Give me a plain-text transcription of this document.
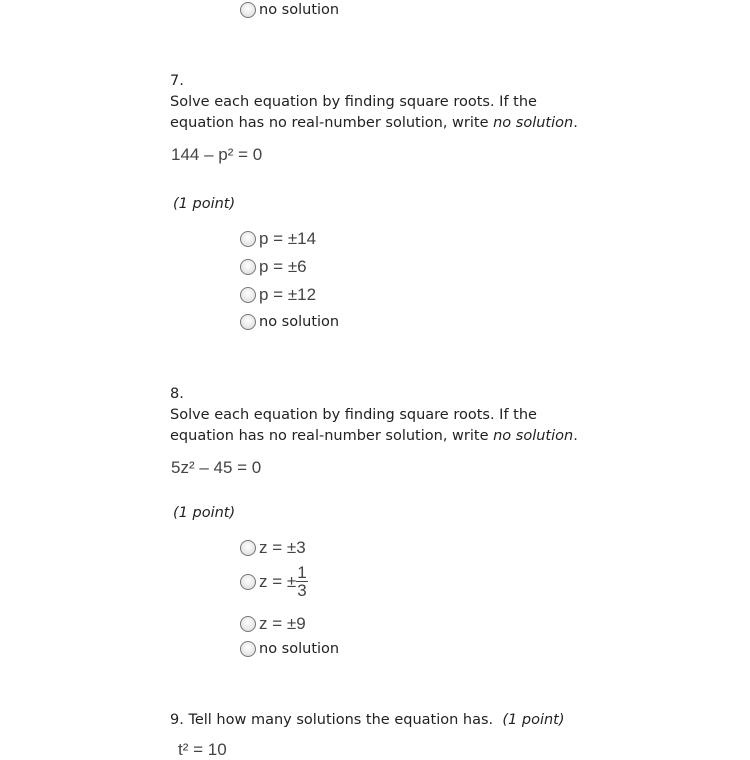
no solution
7.
Solve each equation by finding square roots. If the
equation has no real-number solution, write no solution.
144 – p² = 0
(1 point)
p = ±14
p = ±6
p = ±12
no solution
8.
Solve each equation by finding square roots. If the
equation has no real-number solution, write no solution.
5z² – 45 = 0
(1 point)
z = ±3
z = ± $\frac{1}{3}$
z = ±9
no solution
9. Tell how many solutions the equation has. (1 point)
t² = 10
